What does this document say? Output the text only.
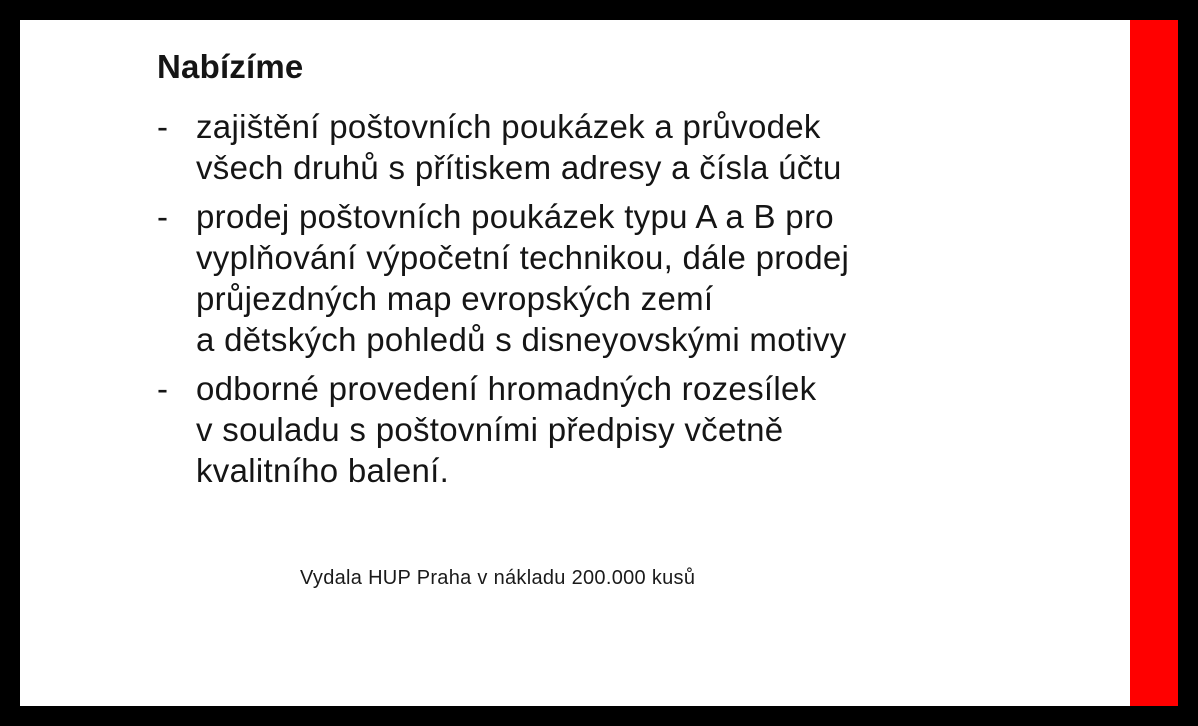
Nabízíme
- zajištění poštovních poukázek a průvodek
všech druhů s přítiskem adresy a čísla účtu
- prodej poštovních poukázek typu A a B pro
vyplňování výpočetní technikou, dále prodej
průjezdných map evropských zemí
a dětských pohledů s disneyovskými motivy
- odborné provedení hromadných rozesílek
v souladu s poštovními předpisy včetně
kvalitního balení.

Vydala HUP Praha v nákladu 200.000 kusů
